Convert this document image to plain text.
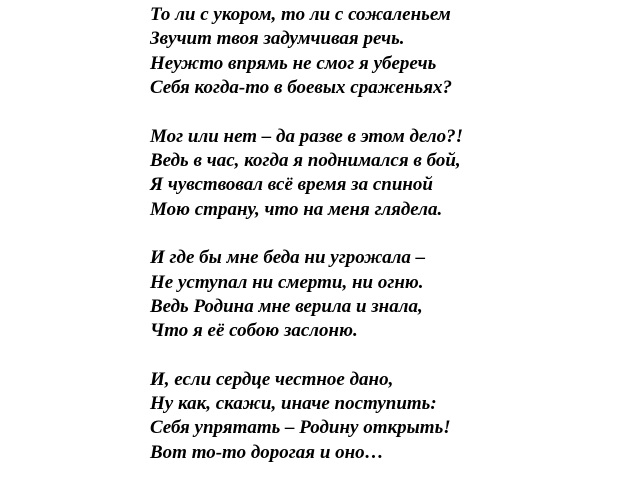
То ли с укором, то ли с сожаленьем
Звучит твоя задумчивая речь.
Неужто впрямь не смог я уберечь
Себя когда-то в боевых сраженьях?
Мог или нет – да разве в этом дело?!
Ведь в час, когда я поднимался в бой,
Я чувствовал всё время за спиной
Мою страну, что на меня глядела.
И где бы мне беда ни угрожала –
Не уступал ни смерти, ни огню.
Ведь Родина мне верила и знала,
Что я её собою заслоню.
И, если сердце честное дано,
Ну как, скажи, иначе поступить:
Себя упрятать – Родину открыть!
Вот то-то дорогая и оно…
